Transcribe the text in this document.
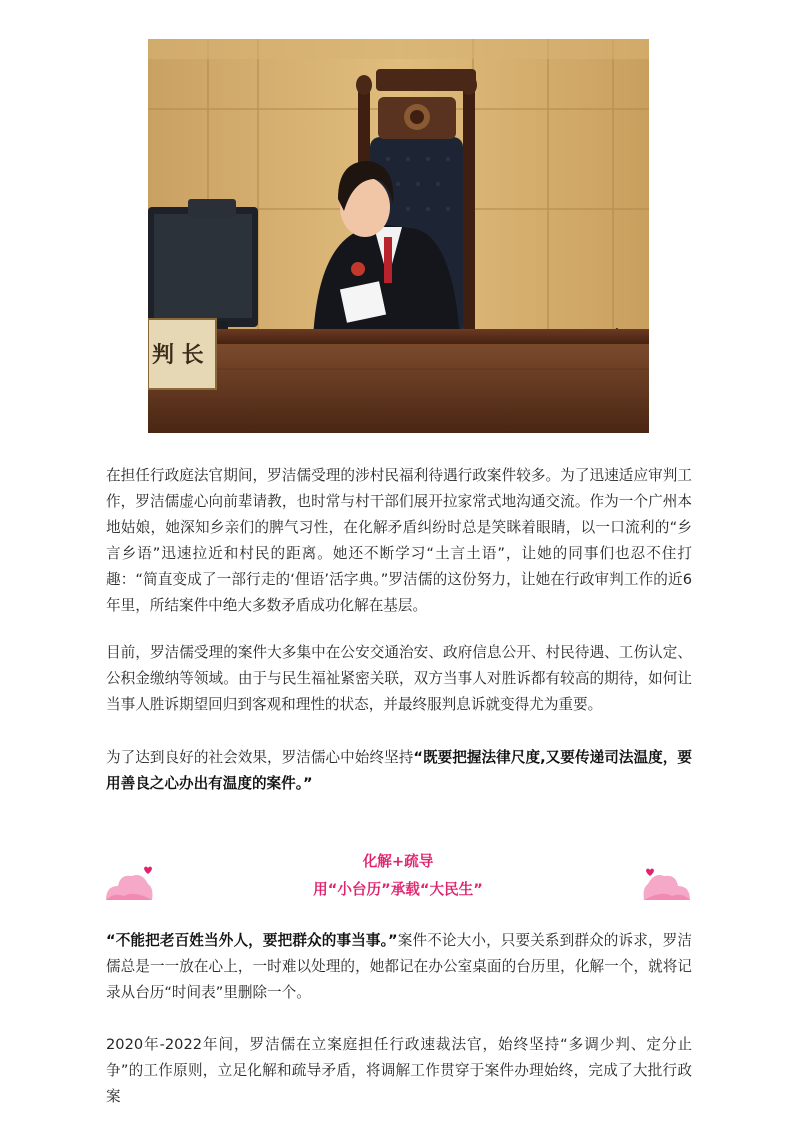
判 长

在担任行政庭法官期间，罗洁儒受理的涉村民福利待遇行政案件较多。为了迅速适应审判工作，罗洁儒虚心向前辈请教，也时常与村干部们展开拉家常式地沟通交流。作为一个广州本地姑娘，她深知乡亲们的脾气习性，在化解矛盾纠纷时总是笑眯着眼睛，以一口流利的“乡言乡语”迅速拉近和村民的距离。她还不断学习“土言土语”，让她的同事们也忍不住打趣：“简直变成了一部行走的‘俚语’活字典。”罗洁儒的这份努力，让她在行政审判工作的近6年里，所结案件中绝大多数矛盾成功化解在基层。

目前，罗洁儒受理的案件大多集中在公安交通治安、政府信息公开、村民待遇、工伤认定、公积金缴纳等领域。由于与民生福祉紧密关联，双方当事人对胜诉都有较高的期待，如何让当事人胜诉期望回归到客观和理性的状态，并最终服判息诉就变得尤为重要。

为了达到良好的社会效果，罗洁儒心中始终坚持“既要把握法律尺度,又要传递司法温度，要用善良之心办出有温度的案件。”

化解+疏导
用“小台历”承载“大民生”

“不能把老百姓当外人，要把群众的事当事。”案件不论大小，只要关系到群众的诉求，罗洁儒总是一一放在心上，一时难以处理的，她都记在办公室桌面的台历里，化解一个，就将记录从台历“时间表”里删除一个。

2020年-2022年间，罗洁儒在立案庭担任行政速裁法官，始终坚持“多调少判、定分止争”的工作原则，立足化解和疏导矛盾，将调解工作贯穿于案件办理始终，完成了大批行政案
